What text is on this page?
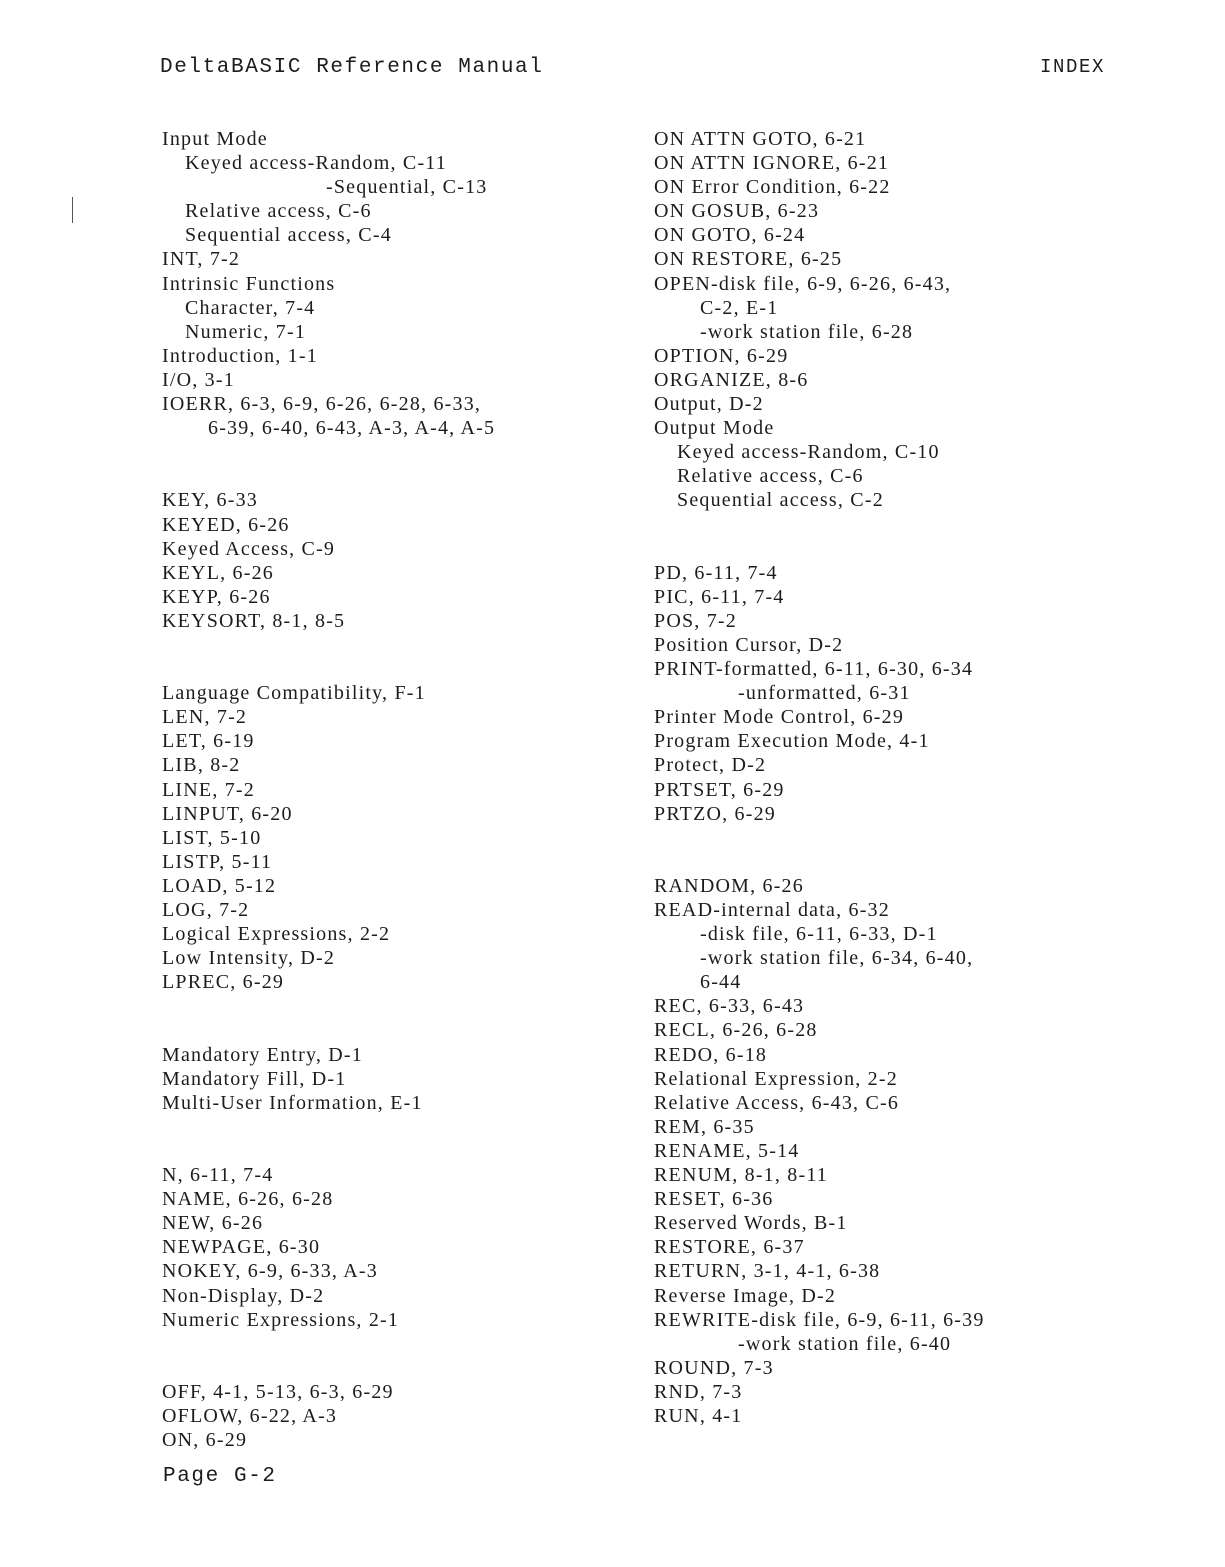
DeltaBASIC Reference Manual	INDEX
Input Mode
Keyed access-Random, C-11
-Sequential, C-13
Relative access, C-6
Sequential access, C-4
INT, 7-2
Intrinsic Functions
Character, 7-4
Numeric, 7-1
Introduction, 1-1
I/O, 3-1
IOERR, 6-3, 6-9, 6-26, 6-28, 6-33,
6-39, 6-40, 6-43, A-3, A-4, A-5
KEY, 6-33
KEYED, 6-26
Keyed Access, C-9
KEYL, 6-26
KEYP, 6-26
KEYSORT, 8-1, 8-5
Language Compatibility, F-1
LEN, 7-2
LET, 6-19
LIB, 8-2
LINE, 7-2
LINPUT, 6-20
LIST, 5-10
LISTP, 5-11
LOAD, 5-12
LOG, 7-2
Logical Expressions, 2-2
Low Intensity, D-2
LPREC, 6-29
Mandatory Entry, D-1
Mandatory Fill, D-1
Multi-User Information, E-1
N, 6-11, 7-4
NAME, 6-26, 6-28
NEW, 6-26
NEWPAGE, 6-30
NOKEY, 6-9, 6-33, A-3
Non-Display, D-2
Numeric Expressions, 2-1
OFF, 4-1, 5-13, 6-3, 6-29
OFLOW, 6-22, A-3
ON, 6-29
ON ATTN GOTO, 6-21
ON ATTN IGNORE, 6-21
ON Error Condition, 6-22
ON GOSUB, 6-23
ON GOTO, 6-24
ON RESTORE, 6-25
OPEN-disk file, 6-9, 6-26, 6-43,
C-2, E-1
-work station file, 6-28
OPTION, 6-29
ORGANIZE, 8-6
Output, D-2
Output Mode
Keyed access-Random, C-10
Relative access, C-6
Sequential access, C-2
PD, 6-11, 7-4
PIC, 6-11, 7-4
POS, 7-2
Position Cursor, D-2
PRINT-formatted, 6-11, 6-30, 6-34
-unformatted, 6-31
Printer Mode Control, 6-29
Program Execution Mode, 4-1
Protect, D-2
PRTSET, 6-29
PRTZO, 6-29
RANDOM, 6-26
READ-internal data, 6-32
-disk file, 6-11, 6-33, D-1
-work station file, 6-34, 6-40,
6-44
REC, 6-33, 6-43
RECL, 6-26, 6-28
REDO, 6-18
Relational Expression, 2-2
Relative Access, 6-43, C-6
REM, 6-35
RENAME, 5-14
RENUM, 8-1, 8-11
RESET, 6-36
Reserved Words, B-1
RESTORE, 6-37
RETURN, 3-1, 4-1, 6-38
Reverse Image, D-2
REWRITE-disk file, 6-9, 6-11, 6-39
-work station file, 6-40
ROUND, 7-3
RND, 7-3
RUN, 4-1
Page G-2
